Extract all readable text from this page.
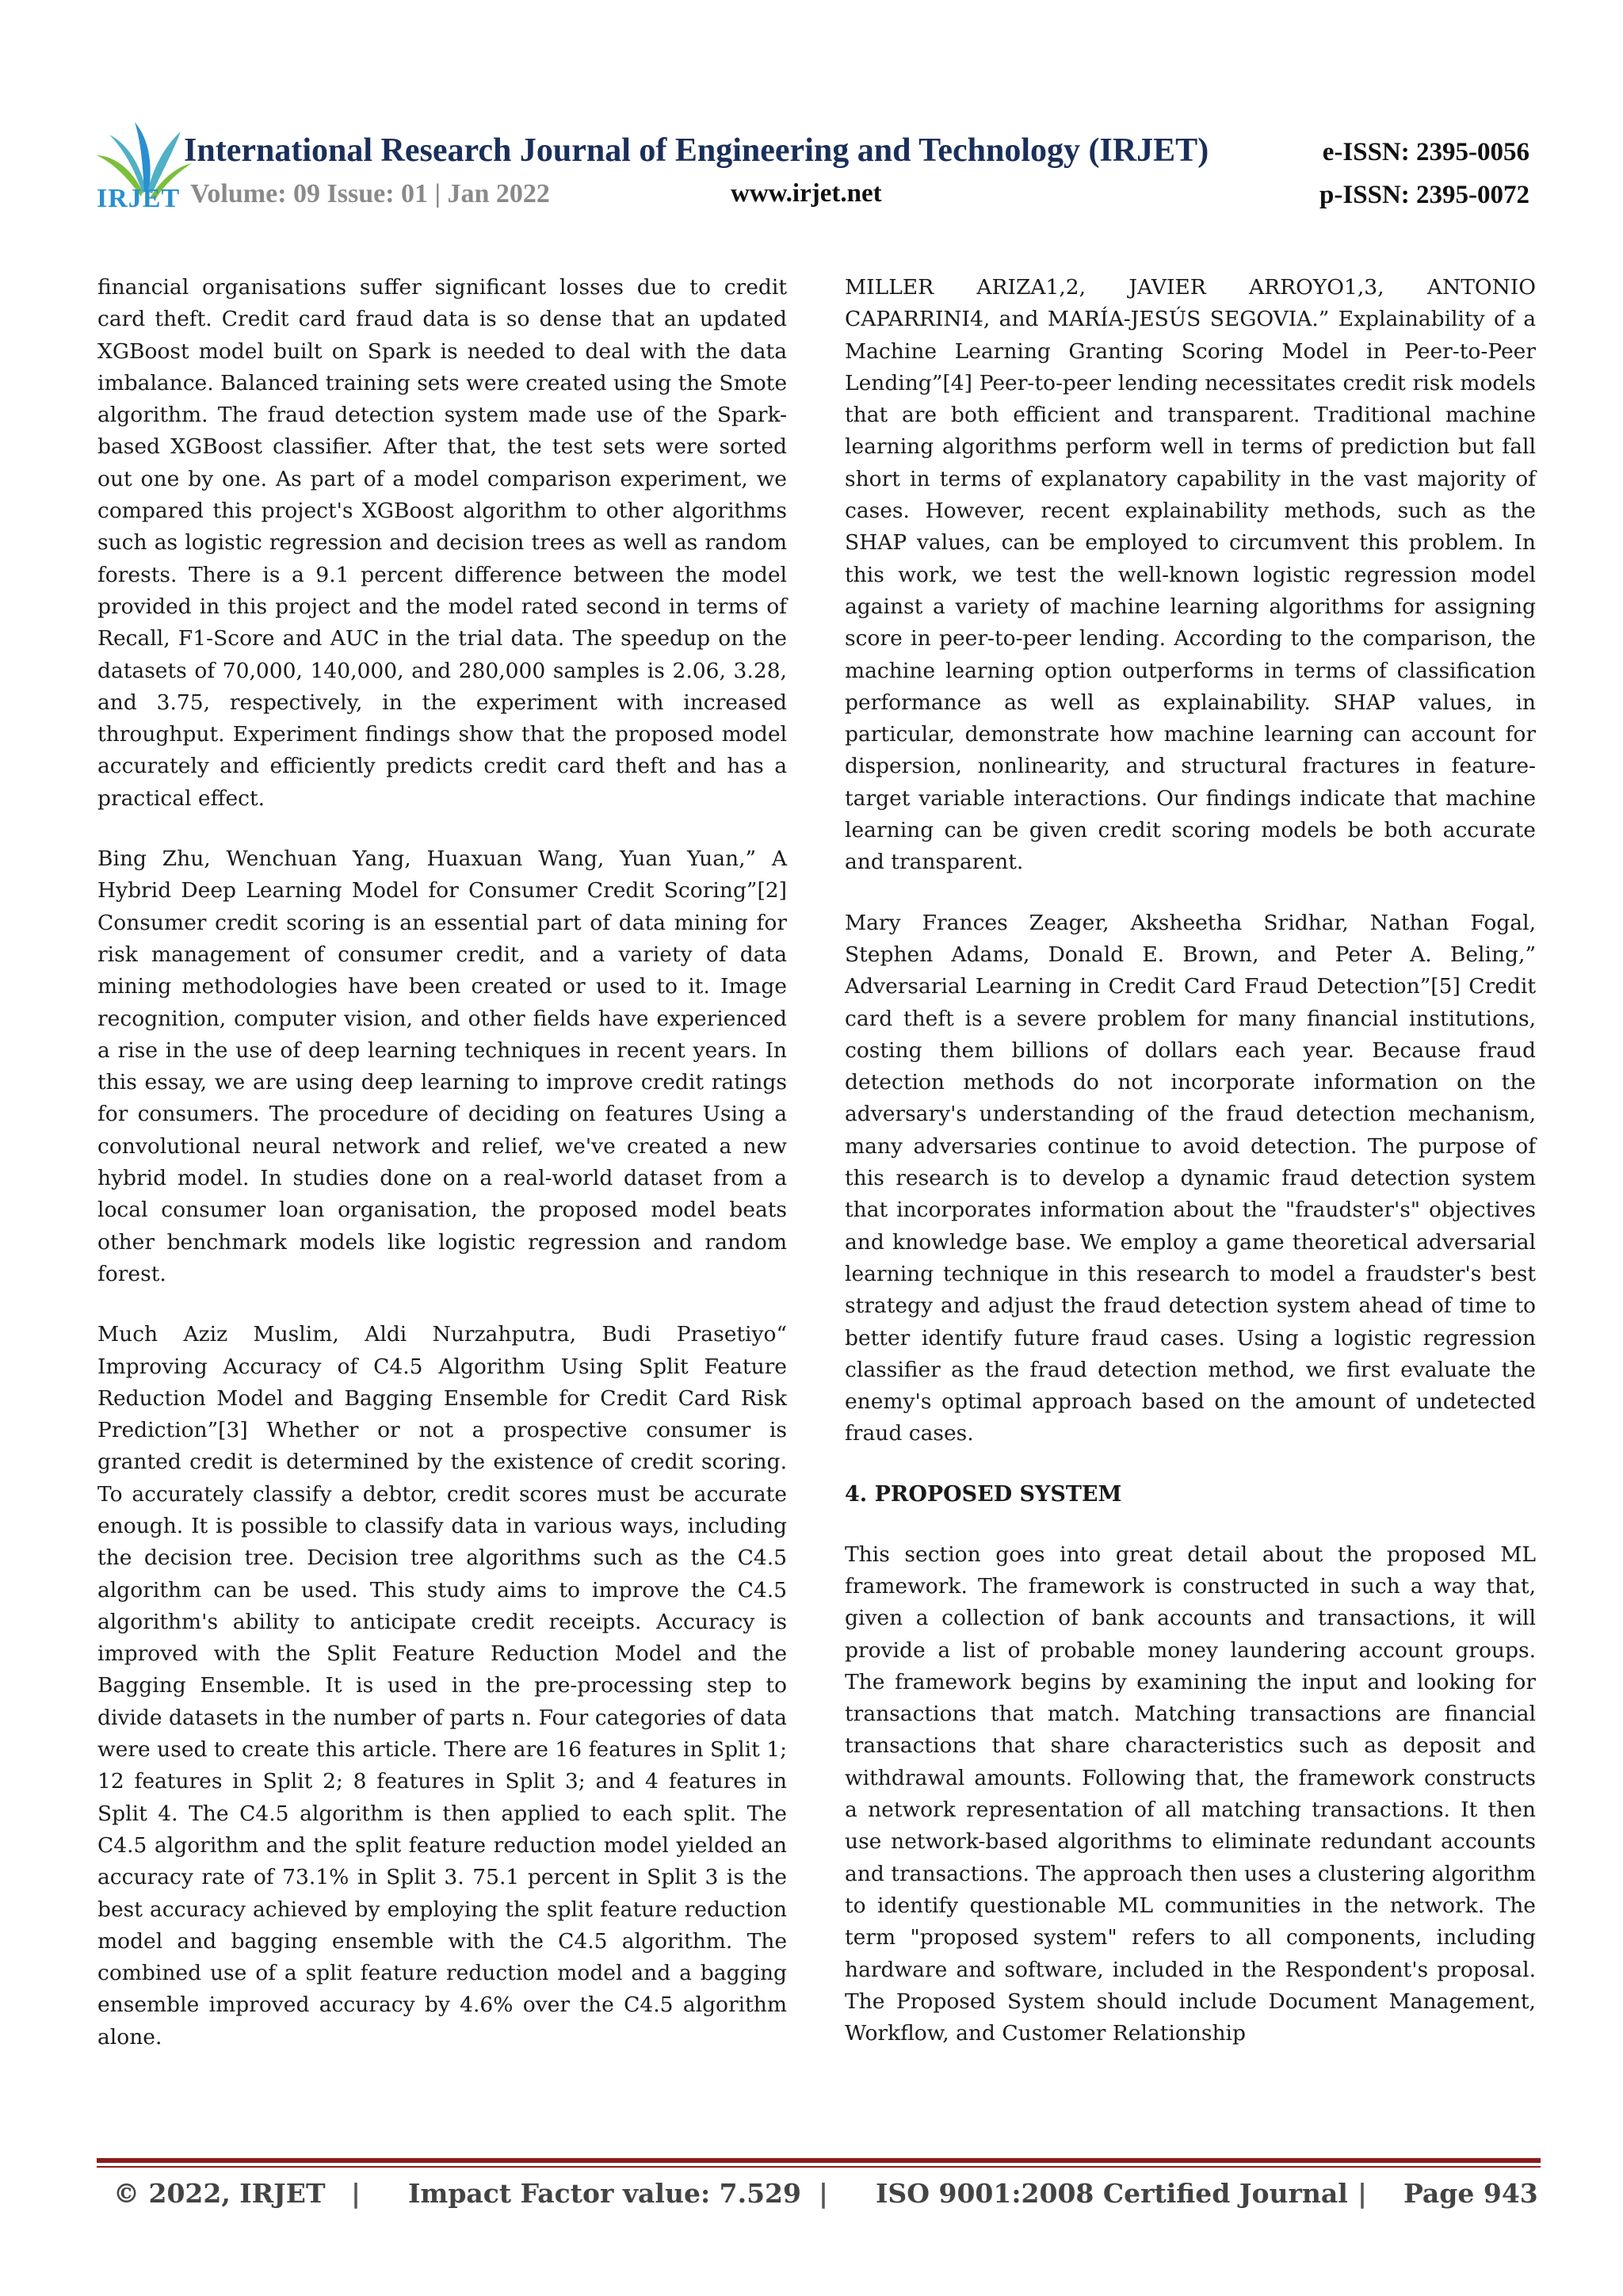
IRJET
International Research Journal of Engineering and Technology (IRJET)	e-ISSN: 2395-0056
p-ISSN: 2395-0072
Volume: 09 Issue: 01 | Jan 2022	www.irjet.net

financial organisations suffer significant losses due to credit card theft. Credit card fraud data is so dense that an updated XGBoost model built on Spark is needed to deal with the data imbalance. Balanced training sets were created using the Smote algorithm. The fraud detection system made use of the Spark-based XGBoost classifier. After that, the test sets were sorted out one by one. As part of a model comparison experiment, we compared this project's XGBoost algorithm to other algorithms such as logistic regression and decision trees as well as random forests. There is a 9.1 percent difference between the model provided in this project and the model rated second in terms of Recall, F1-Score and AUC in the trial data. The speedup on the datasets of 70,000, 140,000, and 280,000 samples is 2.06, 3.28, and 3.75, respectively, in the experiment with increased throughput. Experiment findings show that the proposed model accurately and efficiently predicts credit card theft and has a practical effect.

Bing Zhu, Wenchuan Yang, Huaxuan Wang, Yuan Yuan,” A Hybrid Deep Learning Model for Consumer Credit Scoring”[2] Consumer credit scoring is an essential part of data mining for risk management of consumer credit, and a variety of data mining methodologies have been created or used to it. Image recognition, computer vision, and other fields have experienced a rise in the use of deep learning techniques in recent years. In this essay, we are using deep learning to improve credit ratings for consumers. The procedure of deciding on features Using a convolutional neural network and relief, we've created a new hybrid model. In studies done on a real-world dataset from a local consumer loan organisation, the proposed model beats other benchmark models like logistic regression and random forest.

Much Aziz Muslim, Aldi Nurzahputra, Budi Prasetiyo“ Improving Accuracy of C4.5 Algorithm Using Split Feature Reduction Model and Bagging Ensemble for Credit Card Risk Prediction”[3] Whether or not a prospective consumer is granted credit is determined by the existence of credit scoring. To accurately classify a debtor, credit scores must be accurate enough. It is possible to classify data in various ways, including the decision tree. Decision tree algorithms such as the C4.5 algorithm can be used. This study aims to improve the C4.5 algorithm's ability to anticipate credit receipts. Accuracy is improved with the Split Feature Reduction Model and the Bagging Ensemble. It is used in the pre-processing step to divide datasets in the number of parts n. Four categories of data were used to create this article. There are 16 features in Split 1; 12 features in Split 2; 8 features in Split 3; and 4 features in Split 4. The C4.5 algorithm is then applied to each split. The C4.5 algorithm and the split feature reduction model yielded an accuracy rate of 73.1% in Split 3. 75.1 percent in Split 3 is the best accuracy achieved by employing the split feature reduction model and bagging ensemble with the C4.5 algorithm. The combined use of a split feature reduction model and a bagging ensemble improved accuracy by 4.6% over the C4.5 algorithm alone.

MILLER ARIZA1,2, JAVIER ARROYO1,3, ANTONIO CAPARRINI4, and MARÍA-JESÚS SEGOVIA.” Explainability of a Machine Learning Granting Scoring Model in Peer-to-Peer Lending”[4] Peer-to-peer lending necessitates credit risk models that are both efficient and transparent. Traditional machine learning algorithms perform well in terms of prediction but fall short in terms of explanatory capability in the vast majority of cases. However, recent explainability methods, such as the SHAP values, can be employed to circumvent this problem. In this work, we test the well-known logistic regression model against a variety of machine learning algorithms for assigning score in peer-to-peer lending. According to the comparison, the machine learning option outperforms in terms of classification performance as well as explainability. SHAP values, in particular, demonstrate how machine learning can account for dispersion, nonlinearity, and structural fractures in feature-target variable interactions. Our findings indicate that machine learning can be given credit scoring models be both accurate and transparent.

Mary Frances Zeager, Aksheetha Sridhar, Nathan Fogal, Stephen Adams, Donald E. Brown, and Peter A. Beling,” Adversarial Learning in Credit Card Fraud Detection”[5] Credit card theft is a severe problem for many financial institutions, costing them billions of dollars each year. Because fraud detection methods do not incorporate information on the adversary's understanding of the fraud detection mechanism, many adversaries continue to avoid detection. The purpose of this research is to develop a dynamic fraud detection system that incorporates information about the "fraudster's" objectives and knowledge base. We employ a game theoretical adversarial learning technique in this research to model a fraudster's best strategy and adjust the fraud detection system ahead of time to better identify future fraud cases. Using a logistic regression classifier as the fraud detection method, we first evaluate the enemy's optimal approach based on the amount of undetected fraud cases.

4. PROPOSED SYSTEM

This section goes into great detail about the proposed ML framework. The framework is constructed in such a way that, given a collection of bank accounts and transactions, it will provide a list of probable money laundering account groups. The framework begins by examining the input and looking for transactions that match. Matching transactions are financial transactions that share characteristics such as deposit and withdrawal amounts. Following that, the framework constructs a network representation of all matching transactions. It then use network-based algorithms to eliminate redundant accounts and transactions. The approach then uses a clustering algorithm to identify questionable ML communities in the network. The term "proposed system" refers to all components, including hardware and software, included in the Respondent's proposal. The Proposed System should include Document Management, Workflow, and Customer Relationship

© 2022, IRJET | Impact Factor value: 7.529 | ISO 9001:2008 Certified Journal | Page 943
